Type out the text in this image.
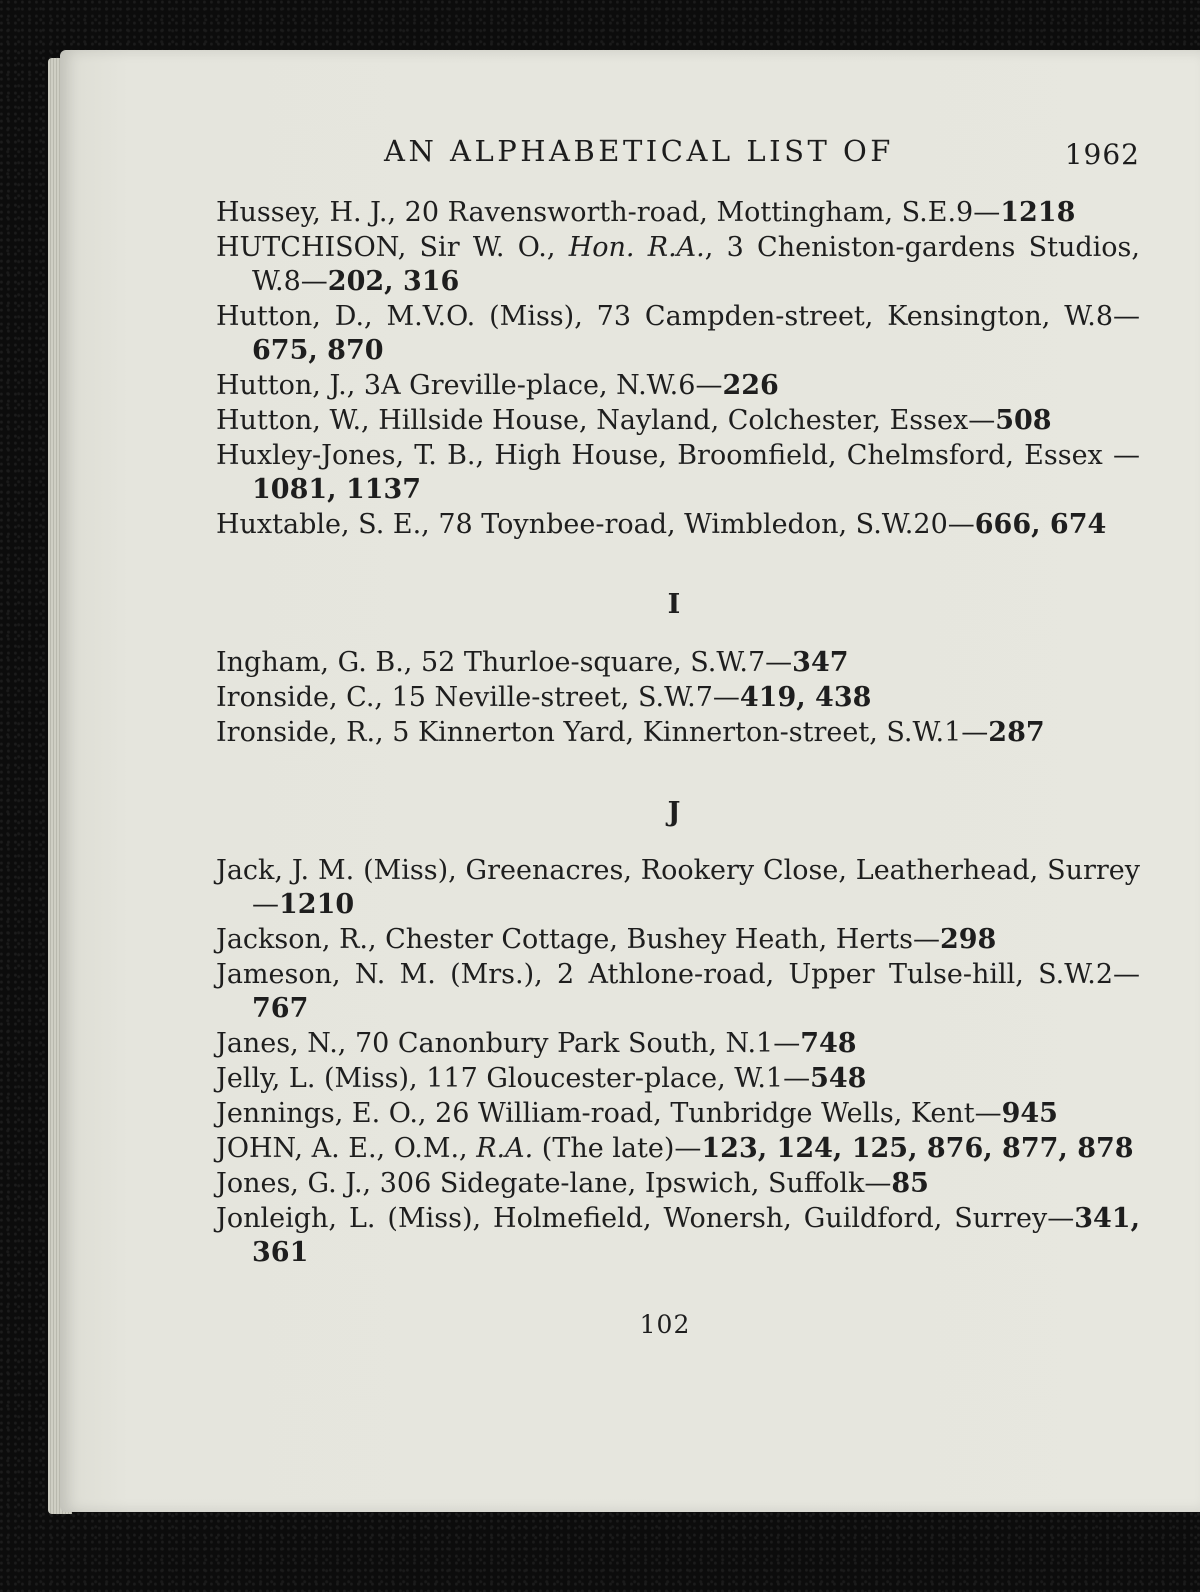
AN ALPHABETICAL LIST OF	1962
Hussey, H. J., 20 Ravensworth-road, Mottingham, S.E.9—1218
HUTCHISON, Sir W. O., Hon. R.A., 3 Cheniston-gardens Studios, W.8—202, 316
Hutton, D., M.V.O. (Miss), 73 Campden-street, Kensington, W.8—675, 870
Hutton, J., 3A Greville-place, N.W.6—226
Hutton, W., Hillside House, Nayland, Colchester, Essex—508
Huxley-Jones, T. B., High House, Broomfield, Chelmsford, Essex —1081, 1137
Huxtable, S. E., 78 Toynbee-road, Wimbledon, S.W.20—666, 674
I
Ingham, G. B., 52 Thurloe-square, S.W.7—347
Ironside, C., 15 Neville-street, S.W.7—419, 438
Ironside, R., 5 Kinnerton Yard, Kinnerton-street, S.W.1—287
J
Jack, J. M. (Miss), Greenacres, Rookery Close, Leatherhead, Surrey—1210
Jackson, R., Chester Cottage, Bushey Heath, Herts—298
Jameson, N. M. (Mrs.), 2 Athlone-road, Upper Tulse-hill, S.W.2— 767
Janes, N., 70 Canonbury Park South, N.1—748
Jelly, L. (Miss), 117 Gloucester-place, W.1—548
Jennings, E. O., 26 William-road, Tunbridge Wells, Kent—945
JOHN, A. E., O.M., R.A. (The late)—123, 124, 125, 876, 877, 878
Jones, G. J., 306 Sidegate-lane, Ipswich, Suffolk—85
Jonleigh, L. (Miss), Holmefield, Wonersh, Guildford, Surrey—341, 361
102
